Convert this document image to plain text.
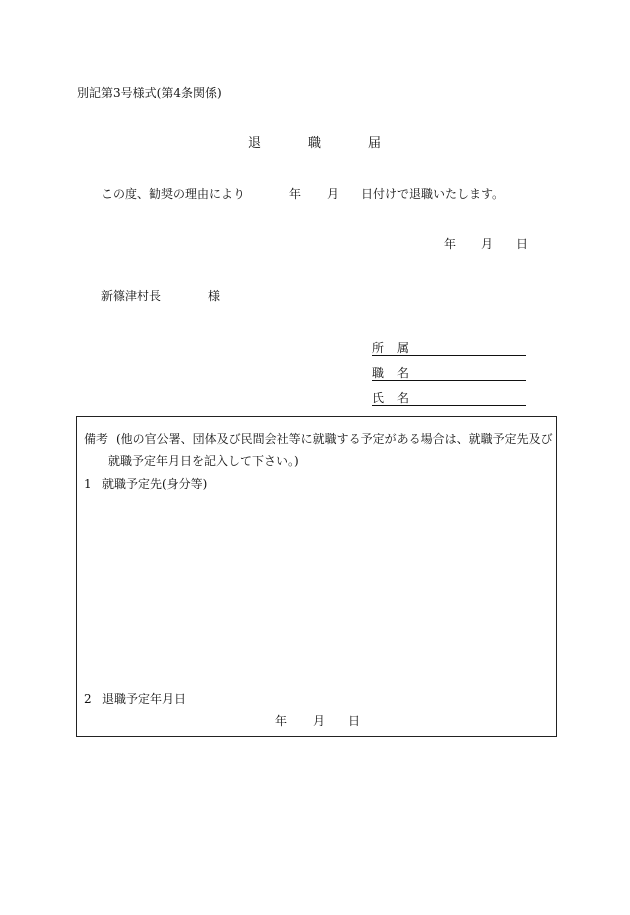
別記第3号様式(第4条関係)
退	職	届
この度、勧奨の理由により	年 月 日付けで退職いたします。
年 月 日
新篠津村長	様
所 属
職 名
氏 名
備考 (他の官公署、団体及び民間会社等に就職する予定がある場合は、就職予定先及び
就職予定年月日を記入して下さい。)
1 就職予定先(身分等)
2 退職予定年月日
年 月 日
